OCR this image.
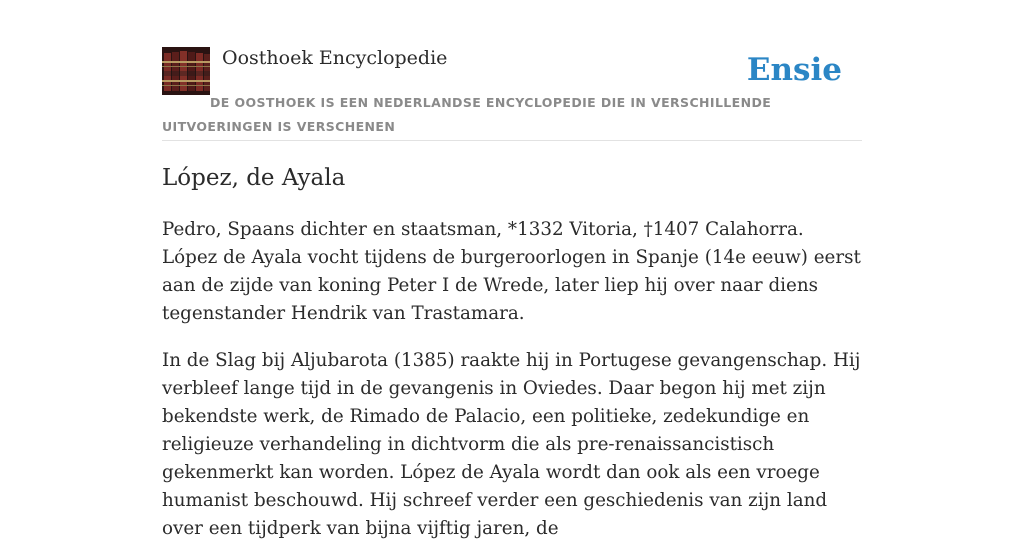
Oosthoek Encyclopedie	Ensie
DE OOSTHOEK IS EEN NEDERLANDSE ENCYCLOPEDIE DIE IN VERSCHILLENDE UITVOERINGEN IS VERSCHENEN
López, de Ayala

Pedro, Spaans dichter en staatsman, *1332 Vitoria, †1407 Calahorra. López de Ayala vocht tijdens de burgeroorlogen in Spanje (14e eeuw) eerst aan de zijde van koning Peter I de Wrede, later liep hij over naar diens tegenstander Hendrik van Trastamara.

In de Slag bij Aljubarota (1385) raakte hij in Portugese gevangenschap. Hij verbleef lange tijd in de gevangenis in Oviedes. Daar begon hij met zijn bekendste werk, de Rimado de Palacio, een politieke, zedekundige en religieuze verhandeling in dichtvorm die als pre-renaissancistisch gekenmerkt kan worden. López de Ayala wordt dan ook als een vroege humanist beschouwd. Hij schreef verder een geschiedenis van zijn land over een tijdperk van bijna vijftig jaren, de
